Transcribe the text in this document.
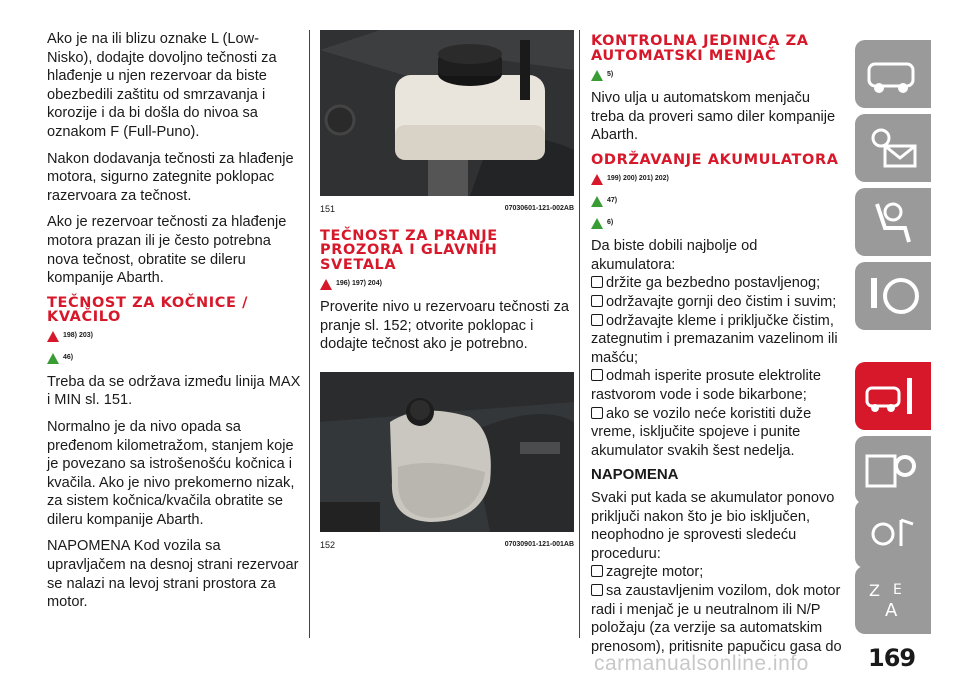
Ako je na ili blizu oznake L (Low-Nisko), dodajte dovoljno tečnosti za hlađenje u njen rezervoar da biste obezbedili zaštitu od smrzavanja i korozije i da bi došla do nivoa sa oznakom F (Full-Puno).

Nakon dodavanja tečnosti za hlađenje motora, sigurno zategnite poklopac razervoara za tečnost.

Ako je rezervoar tečnosti za hlađenje motora prazan ili je često potrebna nova tečnost, obratite se dileru kompanije Abarth.

TEČNOST ZA KOČNICE / KVAČILO
198) 203)
46)

Treba da se održava između linija MAX i MIN sl. 151.

Normalno je da nivo opada sa pređenom kilometražom, stanjem koje je povezano sa istrošenošću kočnica i kvačila. Ako je nivo prekomerno nizak, za sistem kočnica/kvačila obratite se dileru kompanije Abarth.

NAPOMENA Kod vozila sa upravljačem na desnoj strani rezervoar se nalazi na levoj strani prostora za motor.

151	07030601-121-002AB
TEČNOST ZA PRANJE PROZORA I GLAVNIH SVETALA
196) 197) 204)

Proverite nivo u rezervoaru tečnosti za pranje sl. 152; otvorite poklopac i dodajte tečnost ako je potrebno.

152	07030901-121-001AB
KONTROLNA JEDINICA ZA AUTOMATSKI MENJAČ
5)

Nivo ulja u automatskom menjaču treba da proveri samo diler kompanije Abarth.

ODRŽAVANJE AKUMULATORA
199) 200) 201) 202)
47)
6)

Da biste dobili najbolje od akumulatora:

držite ga bezbedno postavljenog;
održavajte gornji deo čistim i suvim;
održavajte kleme i priključke čistim, zategnutim i premazanim vazelinom ili mašću;
odmah isperite prosute elektrolite rastvorom vode i sode bikarbone;
ako se vozilo neće koristiti duže vreme, isključite spojeve i punite akumulator svakih šest nedelja.
NAPOMENA

Svaki put kada se akumulator ponovo priključi nakon što je bio isključen, neophodno je sprovesti sledeću proceduru:

zagrejte motor;
sa zaustavljenim vozilom, dok motor radi i menjač je u neutralnom ili N/P položaju (za verzije sa automatskim prenosom), pritisnite papučicu gasa do
Z E
A
169
carmanualsonline.info
